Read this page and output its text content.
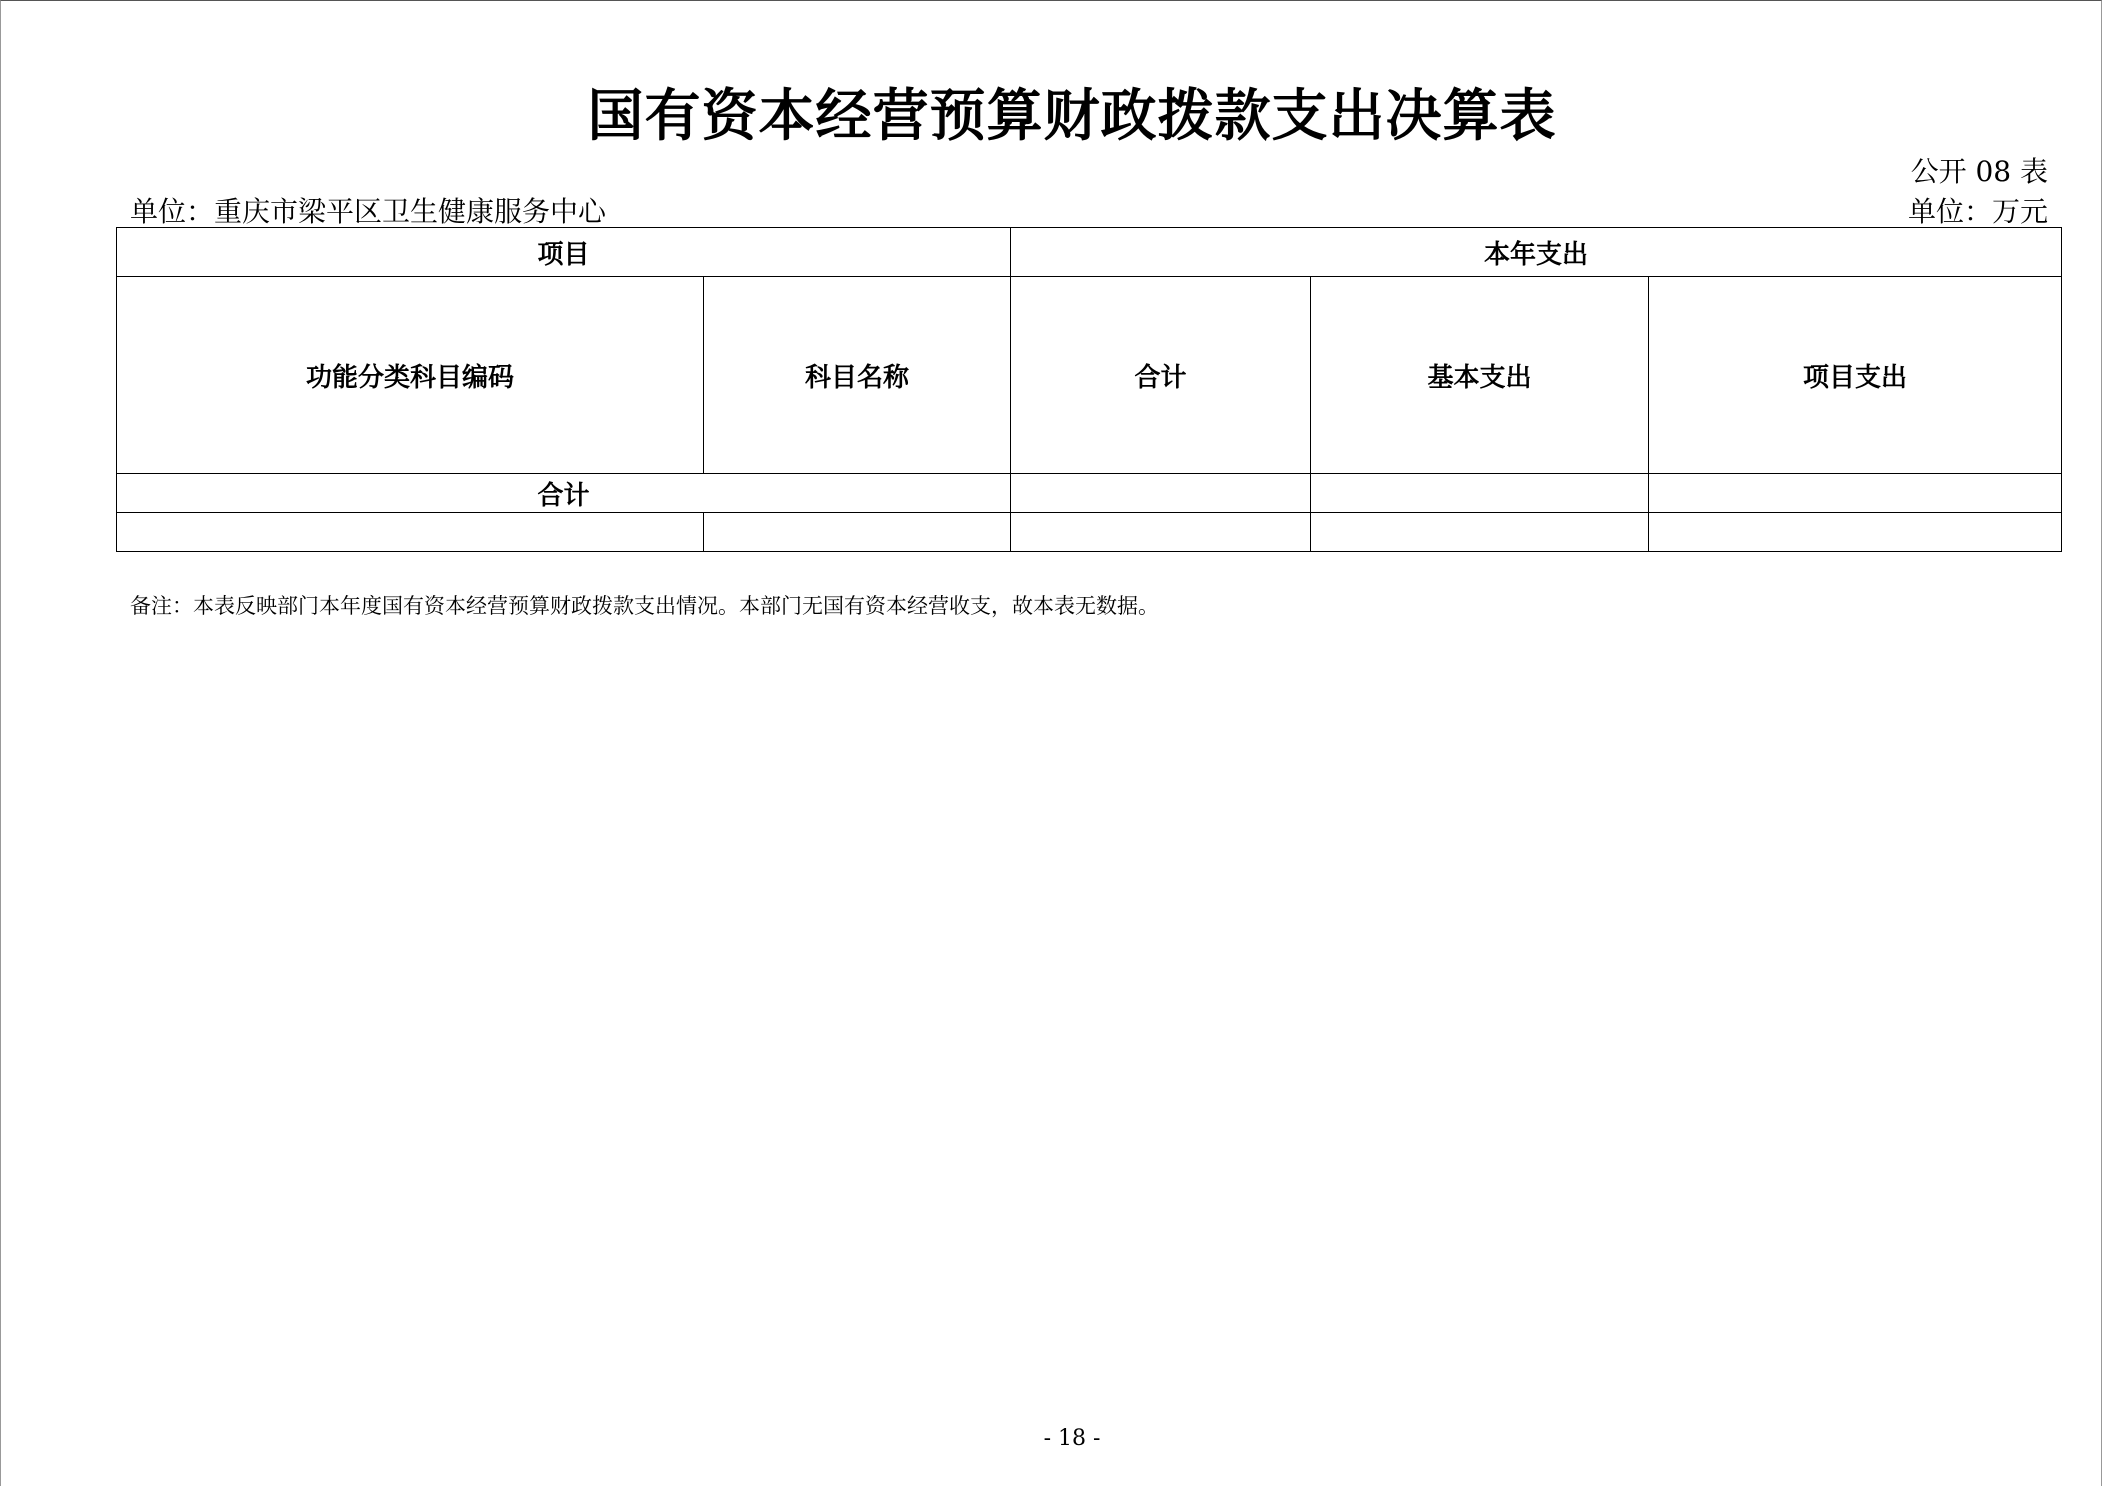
国有资本经营预算财政拨款支出决算表
公开 08 表
单位：重庆市梁平区卫生健康服务中心	单位：万元
项目		本年支出		
功能分类科目编码	科目名称	合计	基本支出	项目支出
合计				

备注：本表反映部门本年度国有资本经营预算财政拨款支出情况。本部门无国有资本经营收支，故本表无数据。
- 18 -
